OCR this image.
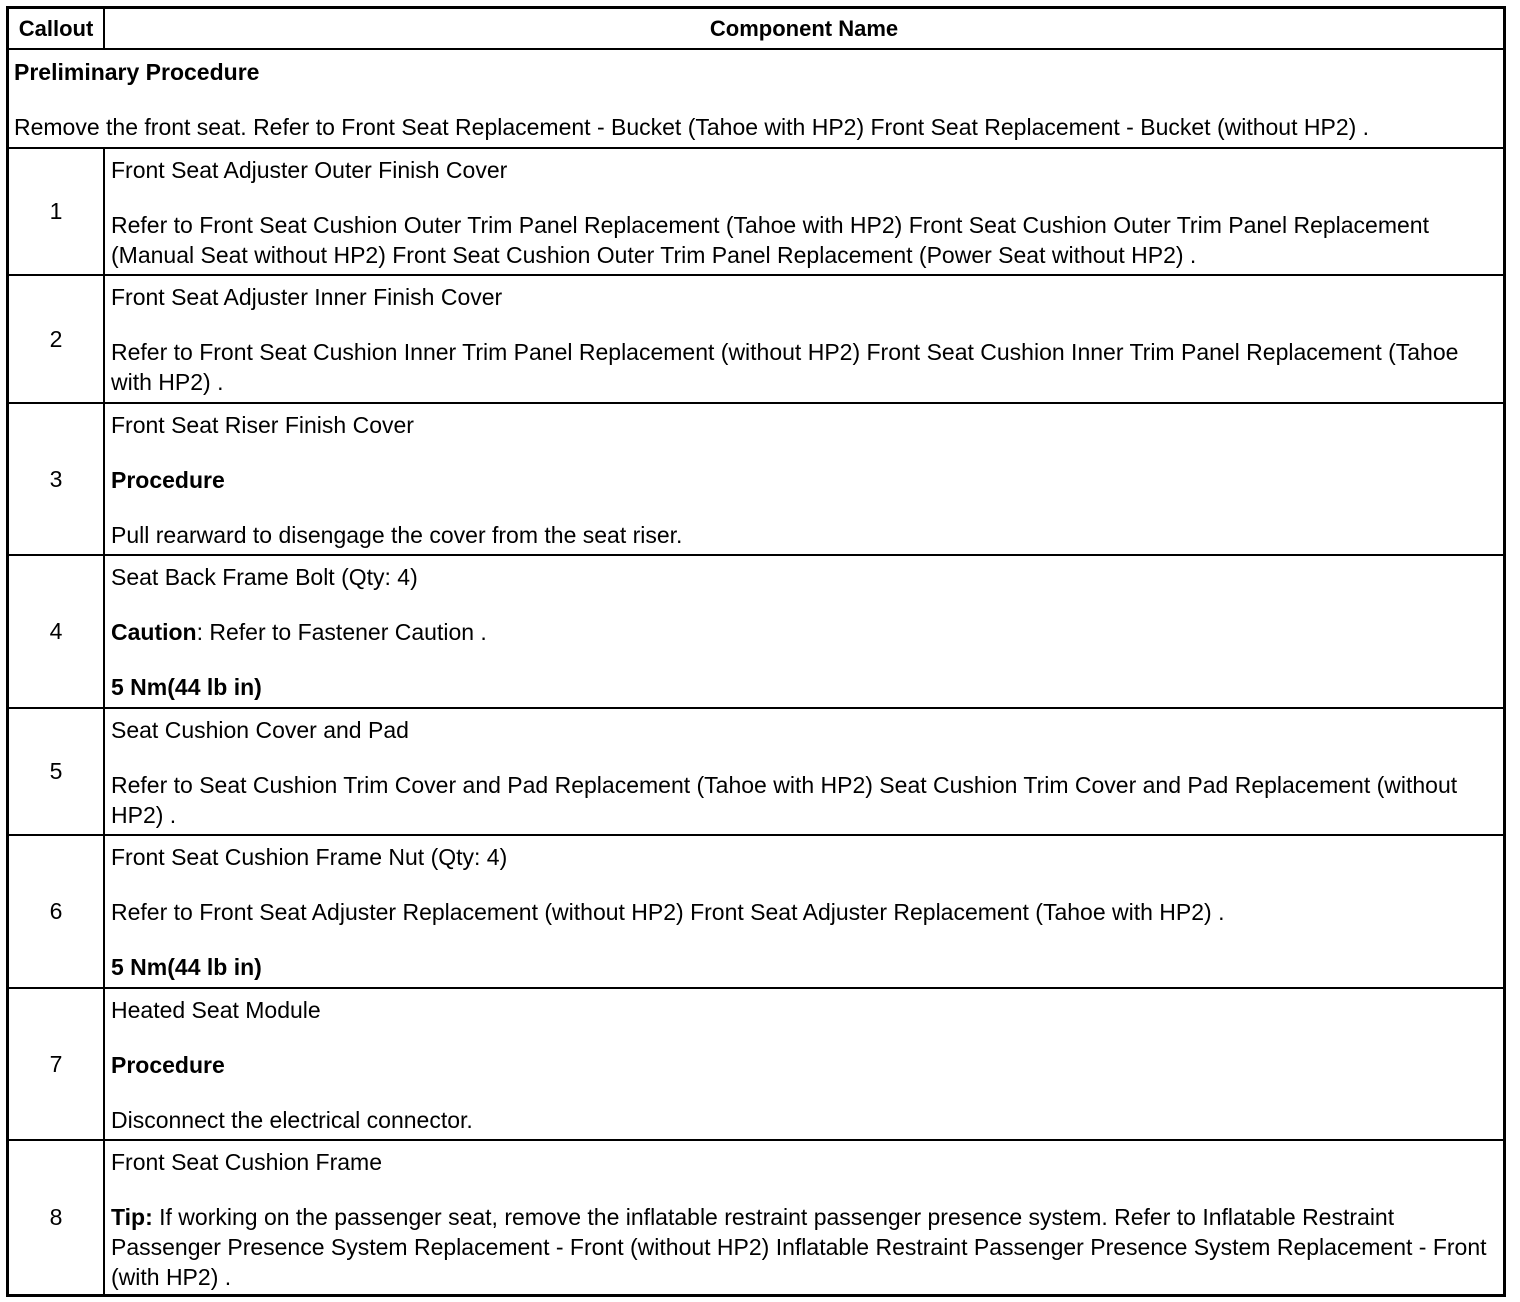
Callout	Component Name

Preliminary Procedure

Remove the front seat. Refer to Front Seat Replacement - Bucket (Tahoe with HP2) Front Seat Replacement - Bucket (without HP2) .

1

Front Seat Adjuster Outer Finish Cover

Refer to Front Seat Cushion Outer Trim Panel Replacement (Tahoe with HP2) Front Seat Cushion Outer Trim Panel Replacement (Manual Seat without HP2) Front Seat Cushion Outer Trim Panel Replacement (Power Seat without HP2) .

2

Front Seat Adjuster Inner Finish Cover

Refer to Front Seat Cushion Inner Trim Panel Replacement (without HP2) Front Seat Cushion Inner Trim Panel Replacement (Tahoe with HP2) .

3

Front Seat Riser Finish Cover

Procedure

Pull rearward to disengage the cover from the seat riser.

4

Seat Back Frame Bolt (Qty: 4)

Caution: Refer to Fastener Caution .

5 Nm(44 lb in)

5

Seat Cushion Cover and Pad

Refer to Seat Cushion Trim Cover and Pad Replacement (Tahoe with HP2) Seat Cushion Trim Cover and Pad Replacement (without HP2) .

6

Front Seat Cushion Frame Nut (Qty: 4)

Refer to Front Seat Adjuster Replacement (without HP2) Front Seat Adjuster Replacement (Tahoe with HP2) .

5 Nm(44 lb in)

7

Heated Seat Module

Procedure

Disconnect the electrical connector.

8

Front Seat Cushion Frame

Tip: If working on the passenger seat, remove the inflatable restraint passenger presence system. Refer to Inflatable Restraint Passenger Presence System Replacement - Front (without HP2) Inflatable Restraint Passenger Presence System Replacement - Front (with HP2) .
